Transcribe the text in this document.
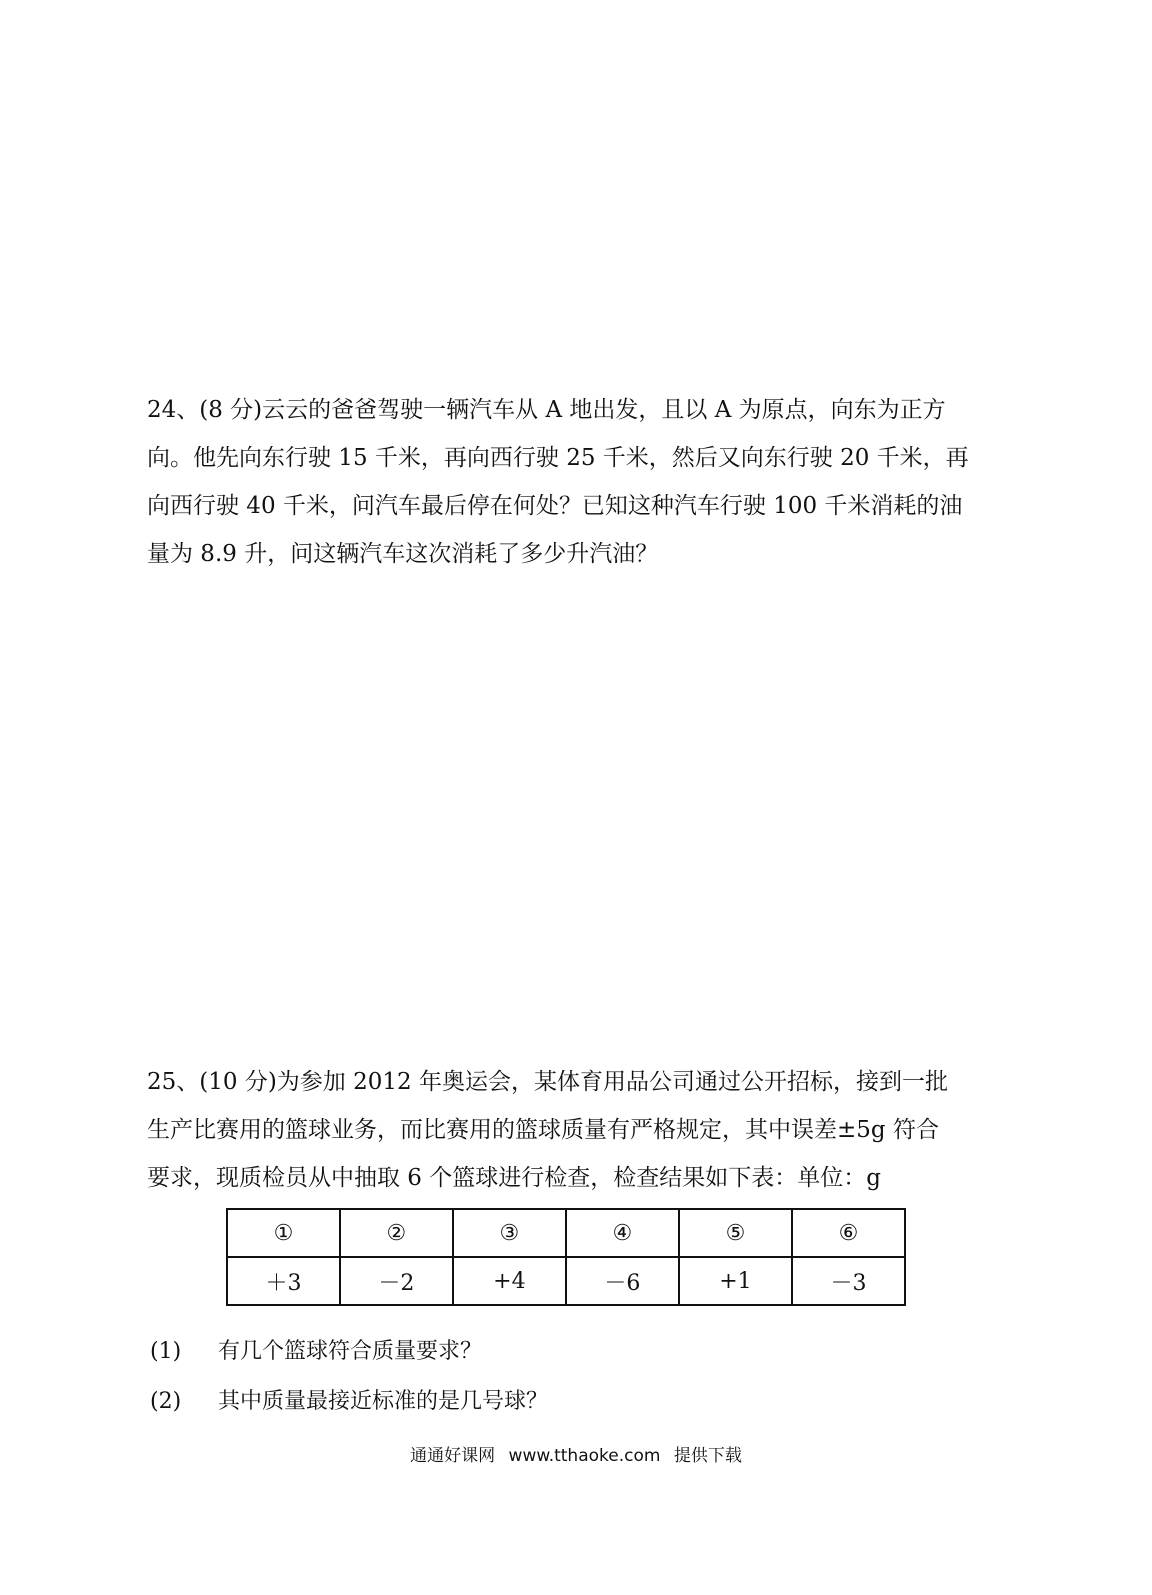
24、(8 分)云云的爸爸驾驶一辆汽车从 A 地出发，且以 A 为原点，向东为正方
向。他先向东行驶 15 千米，再向西行驶 25 千米，然后又向东行驶 20 千米，再
向西行驶 40 千米，问汽车最后停在何处？已知这种汽车行驶 100 千米消耗的油
量为 8.9 升，问这辆汽车这次消耗了多少升汽油？
25、(10 分)为参加 2012 年奥运会，某体育用品公司通过公开招标，接到一批
生产比赛用的篮球业务，而比赛用的篮球质量有严格规定，其中误差±5g 符合
要求，现质检员从中抽取 6 个篮球进行检查，检查结果如下表：单位：g
①	②	③	④	⑤	⑥
＋3	－2	+4	－6	+1	－3
(1) 有几个篮球符合质量要求？
(2) 其中质量最接近标准的是几号球？
通通好课网 www.tthaoke.com 提供下载
